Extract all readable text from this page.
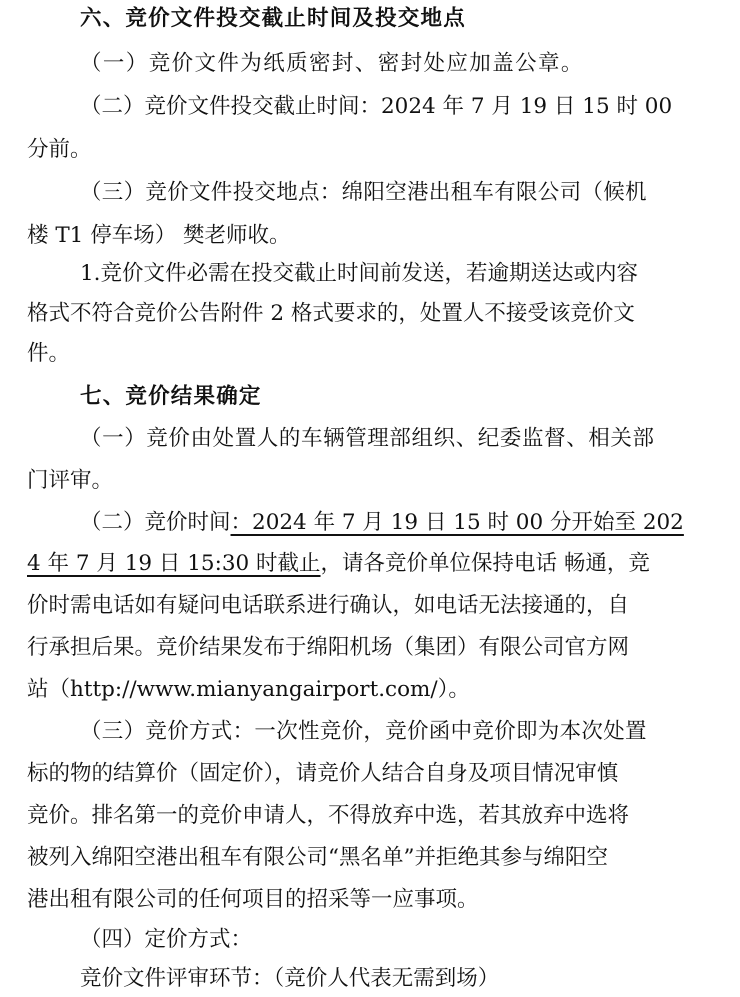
六、竞价文件投交截止时间及投交地点
（一）竞价文件为纸质密封、密封处应加盖公章。
（二）竞价文件投交截止时间：2024 年 7 月 19 日 15 时 00
分前。
（三）竞价文件投交地点：绵阳空港出租车有限公司（候机
楼 T1 停车场） 樊老师收。
1.竞价文件必需在投交截止时间前发送，若逾期送达或内容
格式不符合竞价公告附件 2 格式要求的，处置人不接受该竞价文
件。
七、竞价结果确定
（一）竞价由处置人的车辆管理部组织、纪委监督、相关部
门评审。
（二）竞价时间：2024 年 7 月 19 日 15 时 00 分开始至 202
4 年 7 月 19 日 15:30 时截止，请各竞价单位保持电话 畅通，竞
价时需电话如有疑问电话联系进行确认，如电话无法接通的，自
行承担后果。竞价结果发布于绵阳机场（集团）有限公司官方网
站（http://www.mianyangairport.com/）。
（三）竞价方式：一次性竞价，竞价函中竞价即为本次处置
标的物的结算价（固定价），请竞价人结合自身及项目情况审慎
竞价。排名第一的竞价申请人，不得放弃中选，若其放弃中选将
被列入绵阳空港出租车有限公司“黑名单”并拒绝其参与绵阳空
港出租有限公司的任何项目的招采等一应事项。
（四）定价方式：
竞价文件评审环节：（竞价人代表无需到场）
